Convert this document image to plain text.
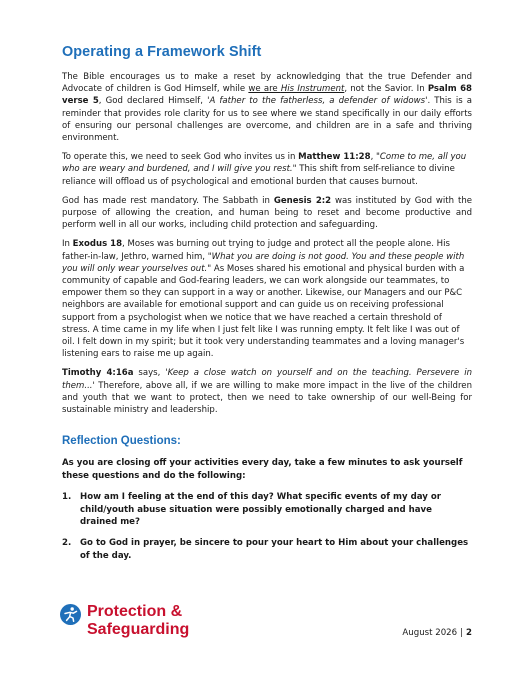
Operating a Framework Shift

The Bible encourages us to make a reset by acknowledging that the true Defender and Advocate of children is God Himself, while we are His Instrument, not the Savior. In Psalm 68 verse 5, God declared Himself, 'A father to the fatherless, a defender of widows'. This is a reminder that provides role clarity for us to see where we stand specifically in our daily efforts of ensuring our personal challenges are overcome, and children are in a safe and thriving environment.

To operate this, we need to seek God who invites us in Matthew 11:28, "Come to me, all you who are weary and burdened, and I will give you rest." This shift from self-reliance to divine reliance will offload us of psychological and emotional burden that causes burnout.

God has made rest mandatory. The Sabbath in Genesis 2:2 was instituted by God with the purpose of allowing the creation, and human being to reset and become productive and perform well in all our works, including child protection and safeguarding.

In Exodus 18, Moses was burning out trying to judge and protect all the people alone. His father-in-law, Jethro, warned him, "What you are doing is not good. You and these people with you will only wear yourselves out." As Moses shared his emotional and physical burden with a community of capable and God-fearing leaders, we can work alongside our teammates, to empower them so they can support in a way or another. Likewise, our Managers and our P&C neighbors are available for emotional support and can guide us on receiving professional support from a psychologist when we notice that we have reached a certain threshold of stress. A time came in my life when I just felt like I was running empty. It felt like I was out of oil. I felt down in my spirit; but it took very understanding teammates and a loving manager's listening ears to raise me up again.

Timothy 4:16a says, 'Keep a close watch on yourself and on the teaching. Persevere in them...' Therefore, above all, if we are willing to make more impact in the live of the children and youth that we want to protect, then we need to take ownership of our well-Being for sustainable ministry and leadership.

Reflection Questions:

As you are closing off your activities every day, take a few minutes to ask yourself these questions and do the following:

1.	How am I feeling at the end of this day? What specific events of my day or child/youth abuse situation were possibly emotionally charged and have drained me?
2.	Go to God in prayer, be sincere to pour your heart to Him about your challenges of the day.
Protection &
Safeguarding	August 2026 | 2
